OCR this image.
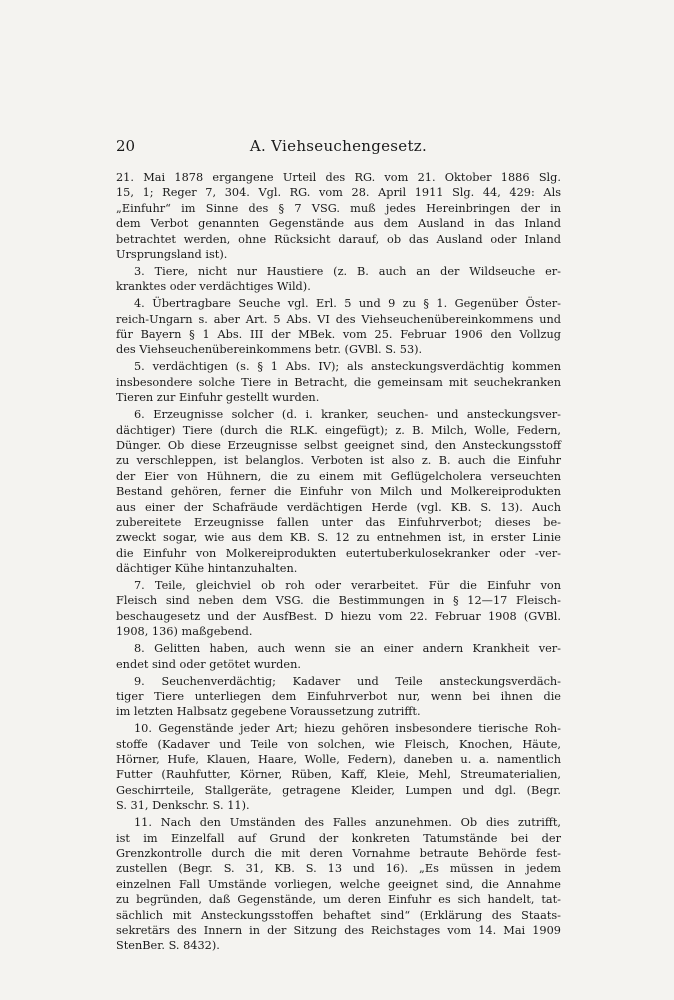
20	A. Viehseuchengesetz.

21. Mai 1878 ergangene Urteil des RG. vom 21. Oktober 1886 Slg.
15, 1; Reger 7, 304. Vgl. RG. vom 28. April 1911 Slg. 44, 429: Als
„Einfuhr“ im Sinne des § 7 VSG. muß jedes Hereinbringen der in
dem Verbot genannten Gegenstände aus dem Ausland in das Inland
betrachtet werden, ohne Rücksicht darauf, ob das Ausland oder Inland
Ursprungsland ist).

3. Tiere, nicht nur Haustiere (z. B. auch an der Wildseuche er-
kranktes oder verdächtiges Wild).

4. Übertragbare Seuche vgl. Erl. 5 und 9 zu § 1. Gegenüber Öster-
reich-Ungarn s. aber Art. 5 Abs. VI des Viehseuchenübereinkommens und
für Bayern § 1 Abs. III der MBek. vom 25. Februar 1906 den Vollzug
des Viehseuchenübereinkommens betr. (GVBl. S. 53).

5. verdächtigen (s. § 1 Abs. IV); als ansteckungsverdächtig kommen
insbesondere solche Tiere in Betracht, die gemeinsam mit seuchekranken
Tieren zur Einfuhr gestellt wurden.

6. Erzeugnisse solcher (d. i. kranker, seuchen- und ansteckungsver-
dächtiger) Tiere (durch die RLK. eingefügt); z. B. Milch, Wolle, Federn,
Dünger. Ob diese Erzeugnisse selbst geeignet sind, den Ansteckungsstoff
zu verschleppen, ist belanglos. Verboten ist also z. B. auch die Einfuhr
der Eier von Hühnern, die zu einem mit Geflügelcholera verseuchten
Bestand gehören, ferner die Einfuhr von Milch und Molkereiprodukten
aus einer der Schafräude verdächtigen Herde (vgl. KB. S. 13). Auch
zubereitete Erzeugnisse fallen unter das Einfuhrverbot; dieses be-
zweckt sogar, wie aus dem KB. S. 12 zu entnehmen ist, in erster Linie
die Einfuhr von Molkereiprodukten eutertuberkulosekranker oder -ver-
dächtiger Kühe hintanzuhalten.

7. Teile, gleichviel ob roh oder verarbeitet. Für die Einfuhr von
Fleisch sind neben dem VSG. die Bestimmungen in § 12—17 Fleisch-
beschaugesetz und der AusfBest. D hiezu vom 22. Februar 1908 (GVBl.
1908, 136) maßgebend.

8. Gelitten haben, auch wenn sie an einer andern Krankheit ver-
endet sind oder getötet wurden.

9. Seuchenverdächtig; Kadaver und Teile ansteckungsverdäch-
tiger Tiere unterliegen dem Einfuhrverbot nur, wenn bei ihnen die
im letzten Halbsatz gegebene Voraussetzung zutrifft.

10. Gegenstände jeder Art; hiezu gehören insbesondere tierische Roh-
stoffe (Kadaver und Teile von solchen, wie Fleisch, Knochen, Häute,
Hörner, Hufe, Klauen, Haare, Wolle, Federn), daneben u. a. namentlich
Futter (Rauhfutter, Körner, Rüben, Kaff, Kleie, Mehl, Streumaterialien,
Geschirrteile, Stallgeräte, getragene Kleider, Lumpen und dgl. (Begr.
S. 31, Denkschr. S. 11).

11. Nach den Umständen des Falles anzunehmen. Ob dies zutrifft,
ist im Einzelfall auf Grund der konkreten Tatumstände bei der
Grenzkontrolle durch die mit deren Vornahme betraute Behörde fest-
zustellen (Begr. S. 31, KB. S. 13 und 16). „Es müssen in jedem
einzelnen Fall Umstände vorliegen, welche geeignet sind, die Annahme
zu begründen, daß Gegenstände, um deren Einfuhr es sich handelt, tat-
sächlich mit Ansteckungsstoffen behaftet sind“ (Erklärung des Staats-
sekretärs des Innern in der Sitzung des Reichstages vom 14. Mai 1909
StenBer. S. 8432).
